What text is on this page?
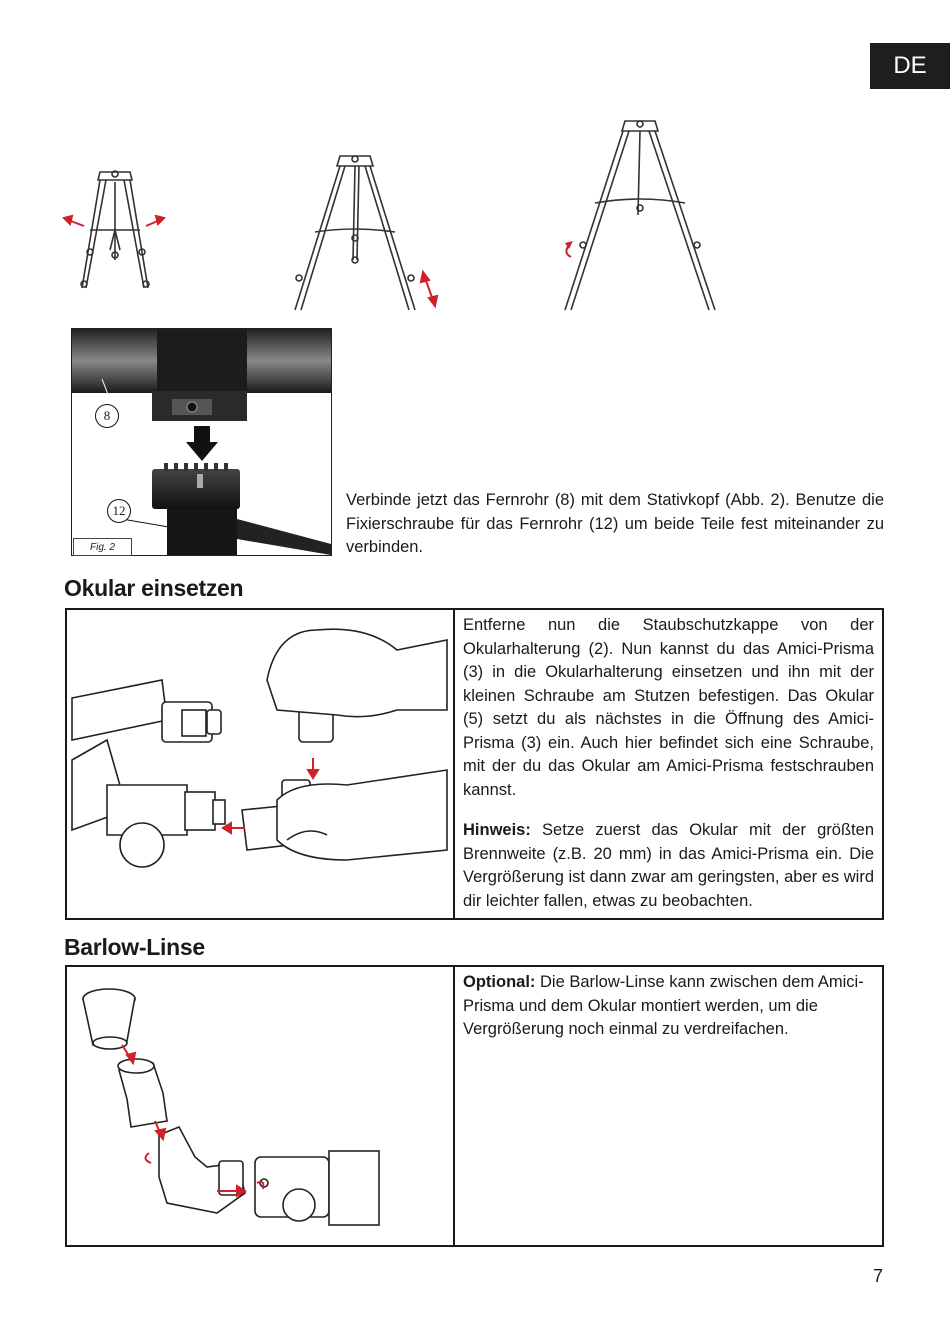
DE
8
12
Fig. 2
Verbinde jetzt das Fernrohr (8) mit dem Stativkopf (Abb. 2). Benutze die Fixierschraube für das Fernrohr (12) um beide Teile fest miteinander zu verbinden.
Okular einsetzen

Entferne nun die Staubschutzkappe von der Okularhalterung (2). Nun kannst du das Amici-Prisma (3) in die Okularhalterung einsetzen und ihn mit der kleinen Schraube am Stutzen befestigen. Das Okular (5) setzt du als nächstes in die Öffnung des Amici-Prisma (3) ein. Auch hier befindet sich eine Schraube, mit der du das Okular am Amici-Prisma festschrauben kannst.

Hinweis: Setze zuerst das Okular mit der größten Brennweite (z.B. 20 mm) in das Amici-Prisma ein. Die Vergrößerung ist dann zwar am geringsten, aber es wird dir leichter fallen, etwas zu beobachten.

Barlow-Linse

Optional: Die Barlow-Linse kann zwischen dem Amici-Prisma und dem Okular montiert werden, um die Vergrößerung noch einmal zu verdreifachen.

7
